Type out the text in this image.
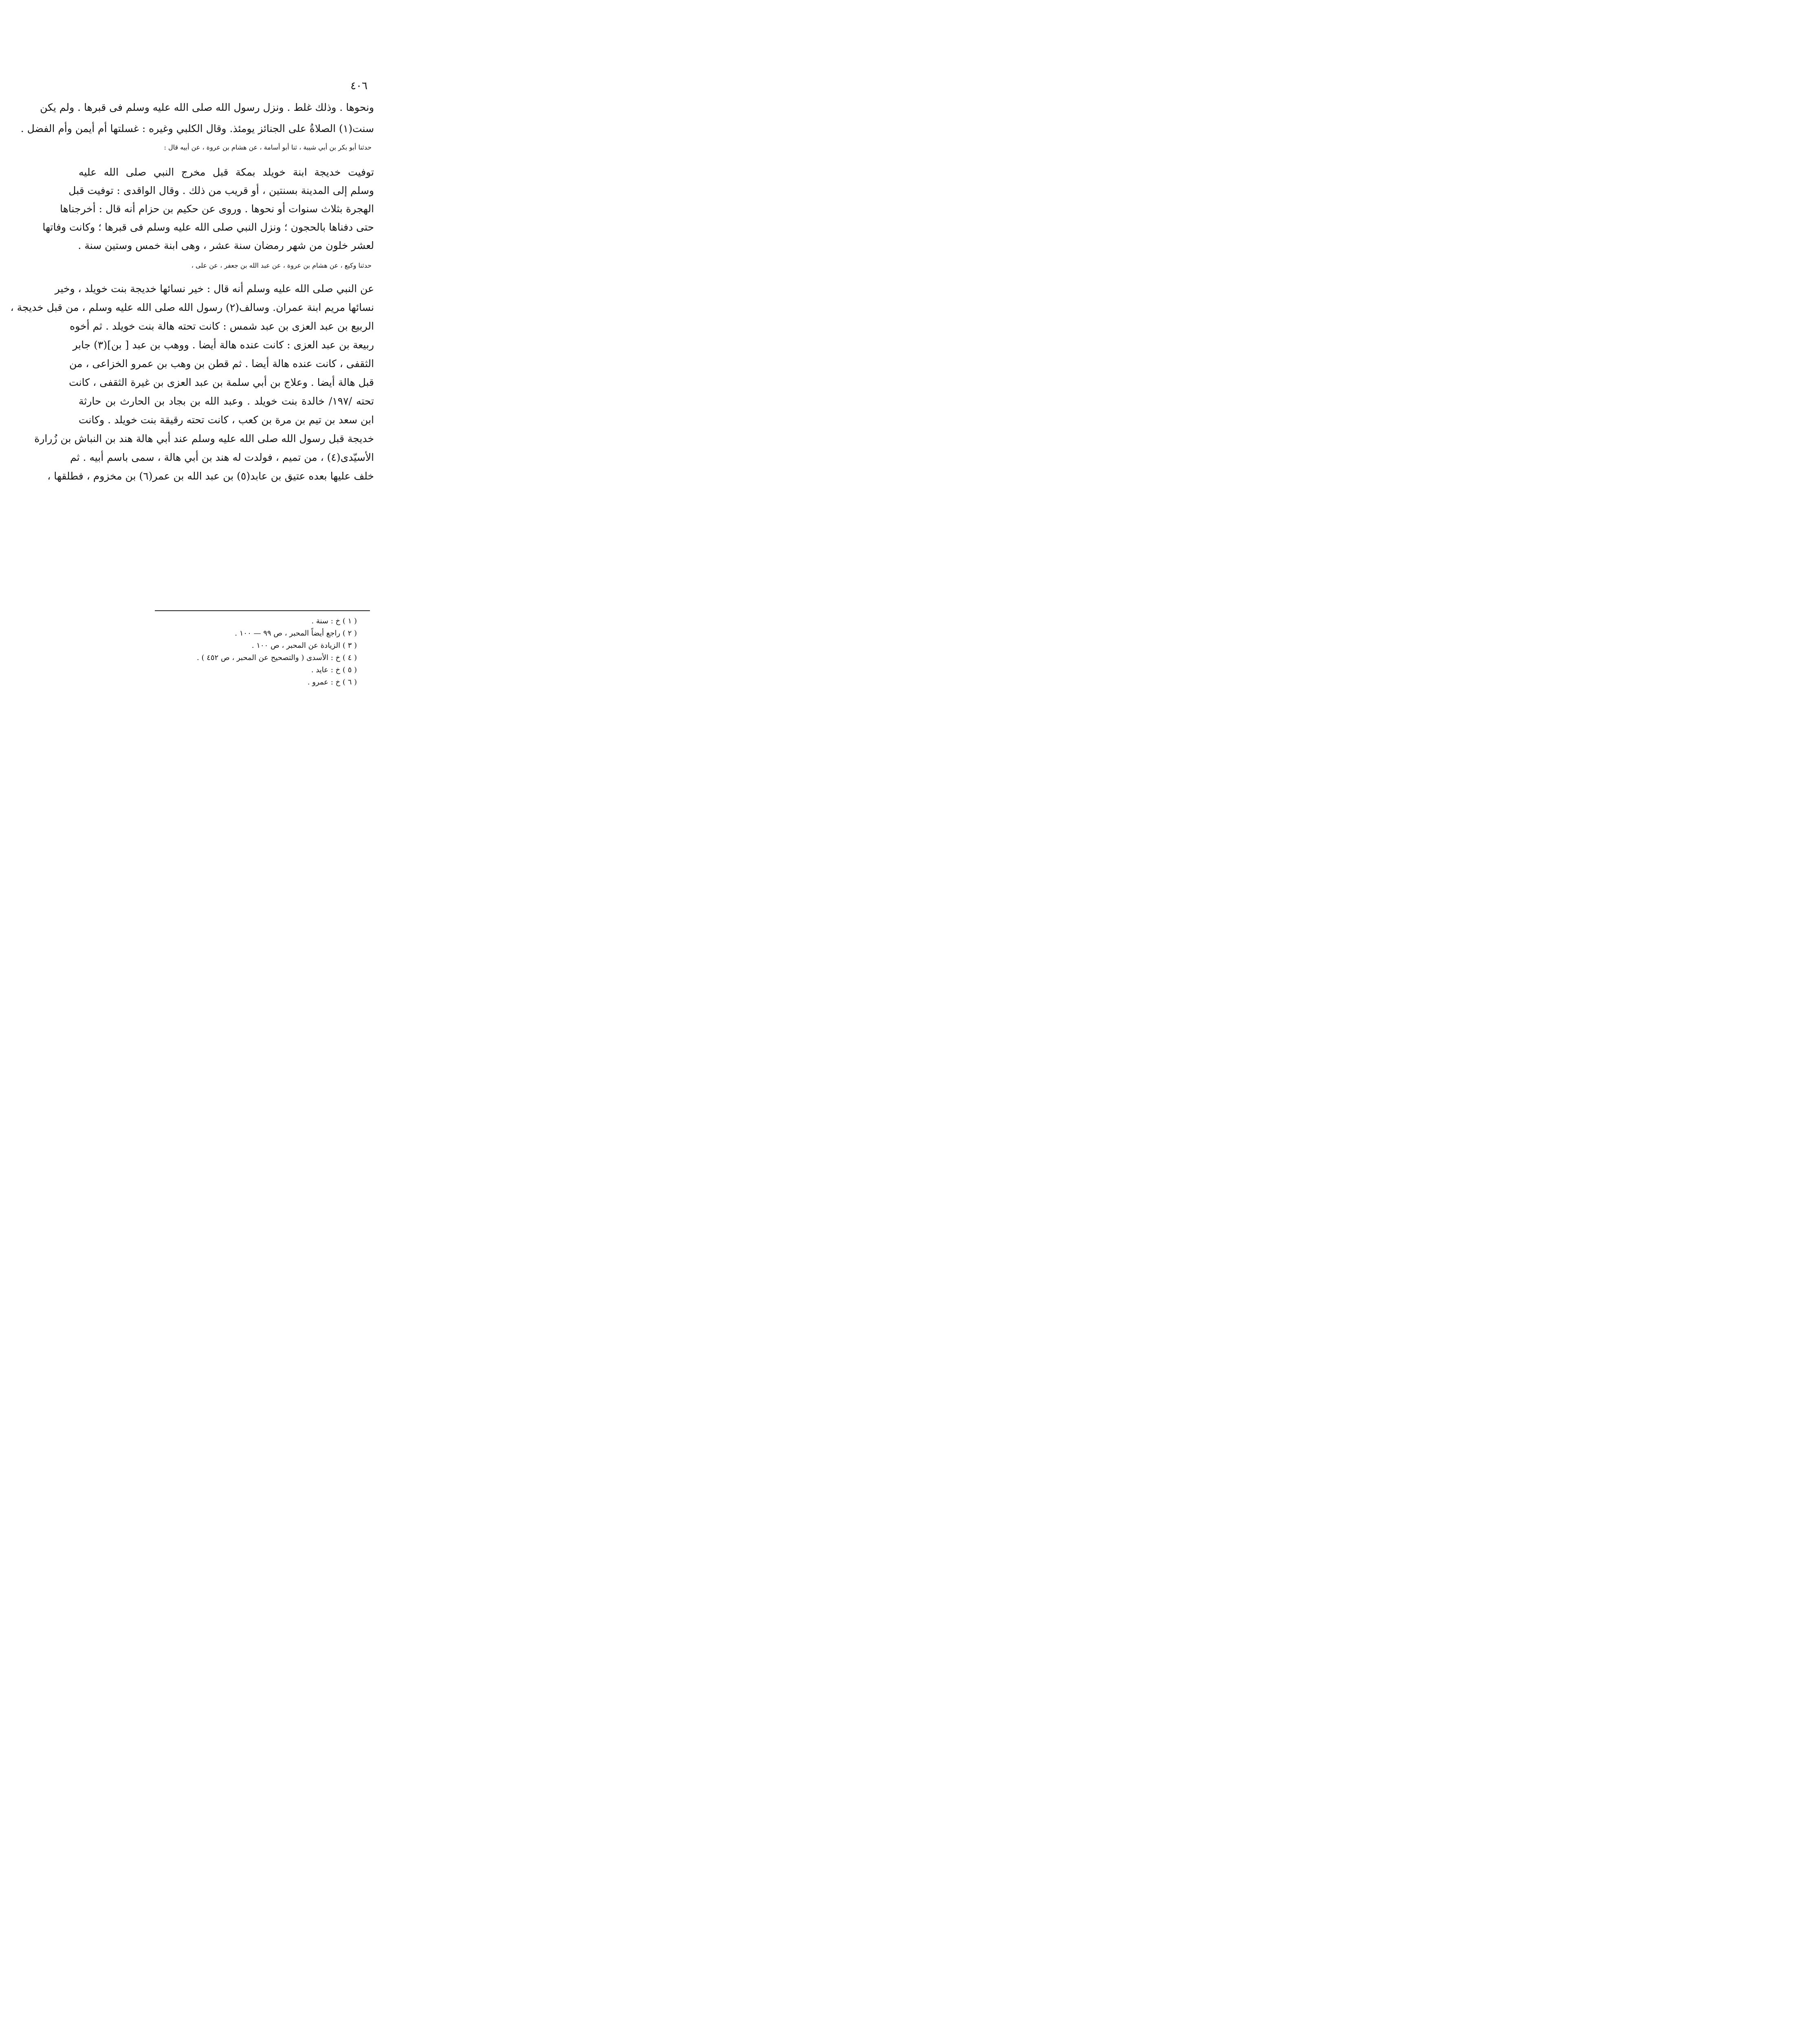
٤٠٦
ونحوها . وذلك غلط . ونزل رسول الله صلى الله عليه وسلم فى قبرها . ولم يكن
سنت(١) الصلاةُ على الجنائز يومئذ. وقال الكلبي وغيره : غسلتها أم أيمن وأم الفضل .
حدثنا أبو بكر بن أبي شيبة ، ثنا أبو أسامة ، عن هشام بن عروة ، عن أبيه قال :
توفيت خديجة ابنة خويلد بمكة قبل مخرج النبي صلى الله عليه
وسلم إلى المدينة بسنتين ، أو قريب من ذلك . وقال الواقدى : توفيت قبل
الهجرة بثلاث سنوات أو نحوها . وروى عن حكيم بن حزام أنه قال : أخرجناها
حتى دفناها بالحجون ؛ ونزل النبي صلى الله عليه وسلم فى قبرها ؛ وكانت وفاتها
لعشر خلون من شهر رمضان سنة عشر ، وهى ابنة خمس وستين سنة .
حدثنا وكيع ، عن هشام بن عروة ، عن عبد الله بن جعفر ، عن على ،
عن النبي صلى الله عليه وسلم أنه قال : خير نسائها خديجة بنت خويلد ، وخير
نسائها مريم ابنة عمران. وسالف(٢) رسول الله صلى الله عليه وسلم ، من قبل خديجة ،
الربيع بن عبد العزى بن عبد شمس : كانت تحته هالة بنت خويلد . ثم أخوه
ربيعة بن عبد العزى : كانت عنده هالة أيضا . ووهب بن عبد [ بن](٣) جابر
الثقفى ، كانت عنده هالة أيضا . ثم قطن بن وهب بن عمرو الخزاعى ، من
قبل هالة أيضا . وعلاج بن أبي سلمة بن عبد العزى بن غيرة الثقفى ، كانت
تحته /١٩٧/ خالدة بنت خويلد . وعبد الله بن بجاد بن الحارث بن حارثة
ابن سعد بن تيم بن مرة بن كعب ، كانت تحته رقيقة بنت خويلد . وكانت
خديجة قبل رسول الله صلى الله عليه وسلم عند أبي هالة هند بن النباش بن زُرارة
الأسيّدى(٤) ، من تميم ، فولدت له هند بن أبي هالة ، سمى باسم أبيه . ثم
خلف عليها بعده عتيق بن عابد(٥) بن عبد الله بن عمر(٦) بن مخزوم ، فطلقها ،
( ١ ) خ : سنة .
( ٢ ) راجع أيضاً المحبر ، ص ٩٩ — ١٠٠ .
( ٣ ) الزيادة عن المحبر ، ص ١٠٠ .
( ٤ ) خ : الأسدى ( والتصحيح عن المحبر ، ص ٤٥٢ ) .
( ٥ ) خ : عايد .
( ٦ ) خ : عمرو .
